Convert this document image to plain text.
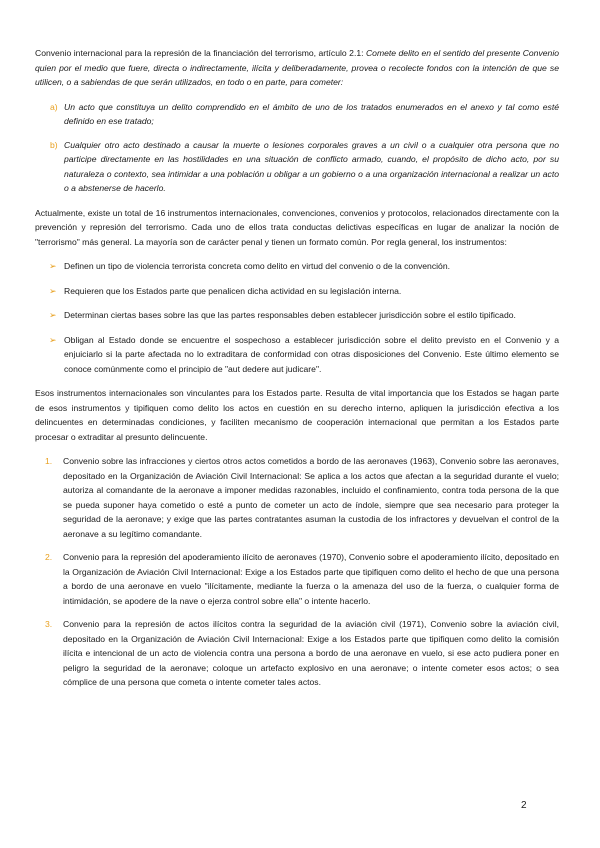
Convenio internacional para la represión de la financiación del terrorismo, artículo 2.1: Comete delito en el sentido del presente Convenio quien por el medio que fuere, directa o indirectamente, ilícita y deliberadamente, provea o recolecte fondos con la intención de que se utilicen, o a sabiendas de que serán utilizados, en todo o en parte, para cometer:

a) Un acto que constituya un delito comprendido en el ámbito de uno de los tratados enumerados en el anexo y tal como esté definido en ese tratado;
b) Cualquier otro acto destinado a causar la muerte o lesiones corporales graves a un civil o a cualquier otra persona que no participe directamente en las hostilidades en una situación de conflicto armado, cuando, el propósito de dicho acto, por su naturaleza o contexto, sea intimidar a una población u obligar a un gobierno o a una organización internacional a realizar un acto o a abstenerse de hacerlo.

Actualmente, existe un total de 16 instrumentos internacionales, convenciones, convenios y protocolos, relacionados directamente con la prevención y represión del terrorismo. Cada uno de ellos trata conductas delictivas específicas en lugar de analizar la noción de "terrorismo" más general. La mayoría son de carácter penal y tienen un formato común. Por regla general, los instrumentos:

➢ Definen un tipo de violencia terrorista concreta como delito en virtud del convenio o de la convención.
➢ Requieren que los Estados parte que penalicen dicha actividad en su legislación interna.
➢ Determinan ciertas bases sobre las que las partes responsables deben establecer jurisdicción sobre el estilo tipificado.
➢ Obligan al Estado donde se encuentre el sospechoso a establecer jurisdicción sobre el delito previsto en el Convenio y a enjuiciarlo si la parte afectada no lo extraditara de conformidad con otras disposiciones del Convenio. Este último elemento se conoce comúnmente como el principio de "aut dedere aut judicare".

Esos instrumentos internacionales son vinculantes para los Estados parte. Resulta de vital importancia que los Estados se hagan parte de esos instrumentos y tipifiquen como delito los actos en cuestión en su derecho interno, apliquen la jurisdicción efectiva a los delincuentes en determinadas condiciones, y faciliten mecanismo de cooperación internacional que permitan a los Estados parte procesar o extraditar al presunto delincuente.

1. Convenio sobre las infracciones y ciertos otros actos cometidos a bordo de las aeronaves (1963), Convenio sobre las aeronaves, depositado en la Organización de Aviación Civil Internacional: Se aplica a los actos que afectan a la seguridad durante el vuelo; autoriza al comandante de la aeronave a imponer medidas razonables, incluido el confinamiento, contra toda persona de la que se pueda suponer haya cometido o esté a punto de cometer un acto de índole, siempre que sea necesario para proteger la seguridad de la aeronave; y exige que las partes contratantes asuman la custodia de los infractores y devuelvan el control de la aeronave a su legítimo comandante.
2. Convenio para la represión del apoderamiento ilícito de aeronaves (1970), Convenio sobre el apoderamiento ilícito, depositado en la Organización de Aviación Civil Internacional: Exige a los Estados parte que tipifiquen como delito el hecho de que una persona a bordo de una aeronave en vuelo "ilícitamente, mediante la fuerza o la amenaza del uso de la fuerza, o cualquier forma de intimidación, se apodere de la nave o ejerza control sobre ella" o intente hacerlo.
3. Convenio para la represión de actos ilícitos contra la seguridad de la aviación civil (1971), Convenio sobre la aviación civil, depositado en la Organización de Aviación Civil Internacional: Exige a los Estados parte que tipifiquen como delito la comisión ilícita e intencional de un acto de violencia contra una persona a bordo de una aeronave en vuelo, si ese acto pudiera poner en peligro la seguridad de la aeronave; coloque un artefacto explosivo en una aeronave; o intente cometer esos actos; o sea cómplice de una persona que cometa o intente cometer tales actos.
2
